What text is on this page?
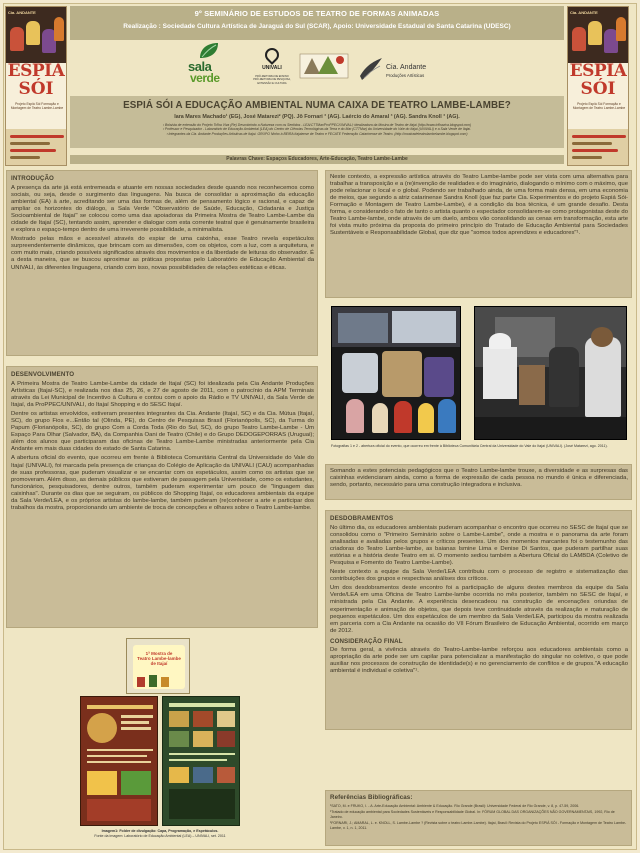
Cia. ANDANTE
ESPIA
SÓI
Projeto Espiá Sói Formação e Montagem de Teatro Lambe-Lambe
Cia. ANDANTE
ESPIA
SÓI
Projeto Espiá Sói Formação e Montagem de Teatro Lambe-Lambe
9º SEMINÁRIO DE ESTUDOS DE TEATRO DE FORMAS ANIMADAS
Realização : Sociedade Cultura Artística de Jaraguá do Sul (SCAR), Apoio: Universidade Estadual de Santa Catarina (UDESC)
sala
verde
UNIVALI
PRÓ-REITORIA DE ENSINO
PRÓ-REITORIA DE PESQUISA, EXTENSÃO E CULTURA
Cia. Andante
Produções Artísticas
ESPIÁ SÓI A EDUCAÇÃO AMBIENTAL NUMA CAIXA DE TEATRO LAMBE-LAMBE?
Iara Mares Machado¹ (EG), José Matarezi² (PQ). Jô Fornari ³ (AG). Laércio do Amaral ³ (AG). Sandra Knoll ³ (AG).
¹ Bolsista de extensão do Projeto Trilha Viva (Re) Descobrindo a Natureza com os Sentidos - LEA/CTTMar/ProPPEC/UNIVALI; idealizadora da Mostra de Teatro de Itajaí (http://www.trilhaviva.blogspot.com)
² Professor e Pesquisador - Laboratório de Educação Ambiental (LEA) do Centro de Ciências Tecnológicas da Terra e do Mar (CTTMar) da Universidade do Vale do Itajaí (UNIVALI) e a Sala Verde de Itajaí.
³ Integrantes da Cia. Andante Produções Artísticas de Itajaí. GRUPO Ninho à BEIRA Itajaiense de Teatro e FECATE Federação Catarinense de Teatro. (http://mostradeteatrolambelambe.blogspot.com)
Palavras Chave: Espaços Educadores, Arte-Educação, Teatro Lambe-Lambe
INTRODUÇÃO
A presença da arte já está entremeada e atuante em nossas sociedades desde quando nos reconhecemos como sociais, ou seja, desde o surgimento das linguagens. Na busca de consolidar a aproximação da educação ambiental (EA) à arte, acreditando ser uma das formas de, além de pensamento lógico e racional, e capaz de ampliar os horizontes do diálogo, a Sala Verde "Observatório de Saúde, Educação, Cidadania e Justiça Socioambiental de Itajaí" se colocou como uma das apoiadoras da Primeira Mostra de Teatro Lambe-Lambe da cidade de Itajaí (SC), tentando assim, aprender e dialogar com esta corrente teatral que é genuinamente brasileira e explora o espaço-tempo dentro de uma irreverente possibilidade, a minimalista.
Mostrado pelas mãos e acessível através do espiar de uma caixinha, esse Teatro revela espetáculos surpreendentemente dinâmicos, que brincam com as dimensões, com os objetos, com a luz, com a arquitetura, e com muito mais, criando possíveis significados através dos movimentos e da liberdade de leituras do observador. É a desta maneira, que se buscou aproximar as práticas propostas pelo Laboratório de Educação Ambiental da UNIVALI, às diferentes linguagens, criando com isso, novas possibilidades de relações estéticas e éticas.
DESENVOLVIMENTO
A Primeira Mostra de Teatro Lambe-Lambe da cidade de Itajaí (SC) foi idealizada pela Cia Andante Produções Artísticas (Itajaí-SC), e realizada nos dias 25, 26, e 27 de agosto de 2011, com o patrocínio da APM Terminais através da Lei Municipal de Incentivo à Cultura e contou com o apoio da Rádio e TV UNIVALI, da Sala Verde de Itajaí, da ProPPEC/UNIVALI, do Itajaí Shopping e do SESC Itajaí.
Dentre os artistas envolvidos, estiveram presentes integrantes da Cia. Andante (Itajaí, SC) e da Cia. Mútua (Itajaí, SC), do grupo Fios e...Então tal (Olinda, PE), do Centro de Pesquisas Brasil (Florianópolis, SC), da Turma do Papum (Florianópolis, SC), do grupo Com a Corda Toda (Rio do Sul, SC), do grupo Teatro Lambe-Lambe - Um Espaço Para Olhar (Salvador, BA), da Companhia Oani de Teatro (Chile) e do Grupo DEDOGEPORRAS (Uruguai); além dos alunos que participaram das oficinas de Teatro Lambe-Lambe ministradas anteriormente pela Cia Andante em mais duas cidades do estado de Santa Catarina.
A abertura oficial do evento, que ocorreu em frente à Biblioteca Comunitária Central da Universidade do Vale do Itajaí (UNIVALI), foi marcada pela presença de crianças do Colégio de Aplicação da UNIVALI (CAU) acompanhadas de suas professoras, que puderam visualizar e se encantar com os espetáculos, assim como os artistas que se promoveram. Além disso, as demais públicos que estiveram de passagem pela Universidade, como os estudantes, funcionários, pesquisadores, dentre outros, também puderam experimentar um pouco de "linguagem das caixinhas". Durante os dias que se seguiram, os públicos do Shopping Itajaí, os educadores ambientais da equipe da Sala Verde/LEA, e os próprios artistas do lambe-lambe, também puderam (re)conhecer a arte e participar dos trabalhos da mostra, proporcionando um ambiente de troca de concepções e olhares sobre o Teatro Lambe-lambe.
1ª Mostra de
Teatro Lambe-lambe
de Itajaí
Imagem1: Folder de divulgação: Capa, Programação, e Espetáculos.
Fonte da imagem: Laboratório de Educação Ambiental (LEA) – UNIVALI, set. 2011
Neste contexto, a expressão artística através do Teatro Lambe-lambe pode ser vista com uma alternativa para trabalhar a transposição e a (re)invenção de realidades e do imaginário, dialogando o mínimo com o máximo, que pode relacionar o local e o global. Podendo ser trabalhado ainda, de uma forma mais densa, em uma economia de meios, que segundo a atriz catarinense Sandra Knoll (que faz parte Cia. Experimentos e do projeto Espiá Sói-Formação e Montagem de Teatro Lambe-Lambe), é a condição da boa técnica, é um grande desafio. Desta forma, e considerando o fato de tanto o artista quanto o espectador consolidarem-se como protagonistas deste do Teatro Lambe-lambe, onde através de um duelo, ambos vão consolidando as cenas em transformação, esta arte foi vista muito próxima da proposta do primeiro princípio do Tratado de Educação Ambiental para Sociedades Sustentáveis e Responsabilidade Global, que diz que "somos todos aprendizes e educadores"¹.
Fotografias 1 e 2 - abertura oficial do evento, que ocorreu em frente à Biblioteca Comunitária Central da Universidade do Vale do Itajaí (UNIVALI). (José Matarezi, ago. 2011).
Somando a estes potenciais pedagógicos que o Teatro Lambe-lambe trouxe, a diversidade e as surpresas das caixinhas evidenciaram ainda, como a forma de expressão de cada pessoa no mundo é única e diferenciada, sendo, portanto, necessário para uma construção integradora e inclusiva.
DESDOBRAMENTOS
No último dia, os educadores ambientais puderam acompanhar o encontro que ocorreu no SESC de Itajaí que se consolidou como o "Primeiro Seminário sobre o Lambe-Lambe", onde a mostra e o panorama da arte foram analisadas e avaliadas pelos grupos e críticos presentes. Um dos momentos marcantes foi o testemunho das criadoras do Teatro Lambe-lambe, as baianas Ismine Lima e Denise Di Santos, que puderam partilhar suas estórias e a história deste Teatro em si. O momento sediou também a Abertura Oficial do LAMBDA (Coletivo de Pesquisa e Fomento do Teatro Lambe-Lambe).
Neste contexto a equipe da Sala Verde/LEA contribuiu com o processo de registro e sistematização das contribuições dos grupos e respectivas análises dos críticos.
Um dos desdobramentos deste encontro foi a participação de alguns destes membros da equipe da Sala Verde/LEA em uma Oficina de Teatro Lambe-lambe ocorrida no mês posterior, também no SESC de Itajaí, e ministrada pela Cia Andante. A experiência desencadeou na construção de encenações oriundas de experimentação e animação de objetos, que depois teve continuidade através da realização e maturação de pequenos espetáculos. Um dos espetáculos de um membro da Sala Verde/LEA, participou da mostra realizada em parceria com a Cia Andante na ocasião do VII Fórum Brasileiro de Educação Ambiental, ocorrido em março de 2012.
CONSIDERAÇÃO FINAL
De forma geral, a vivência através do Teatro-Lambe-lambe reforçou aos educadores ambientais como a apropriação da arte pode ser um capilar para potencializar a manifestação do singular no coletivo, o que pode auxiliar nos processos de construção de identidade(s) e no gerenciamento de conflitos e de grupos."A educação ambiental é individual e coletiva"¹.
Referências Bibliográficas:
¹SATO, M. e FRUKO, I. - A. Arte-Educação Ambiental: Ambiente & Educação. Rio Grande (Brasil): Universidade Federal de Rio Grande, v. 8, p. 47-59, 2006.
¹Tratado de educação ambiental para Sociedades Sustentáveis e Responsabilidade Global. In: FÓRUM GLOBAL DAS ORGANIZAÇÕES NÃO GOVERNAMENTAIS, 1992, Rio de Janeiro.
¹FORNARI, J.; AMARAL, L. e. KNOLL, S. Lambe-Lambe ? (Revista sobre o teatro Lambe-Lambe). Itajaí, Brasil: Revista do Projeto ESPIÁ SÓI - Formação e Montagem de Teatro Lambe-Lambe, v. 1, n. 1, 2011.
